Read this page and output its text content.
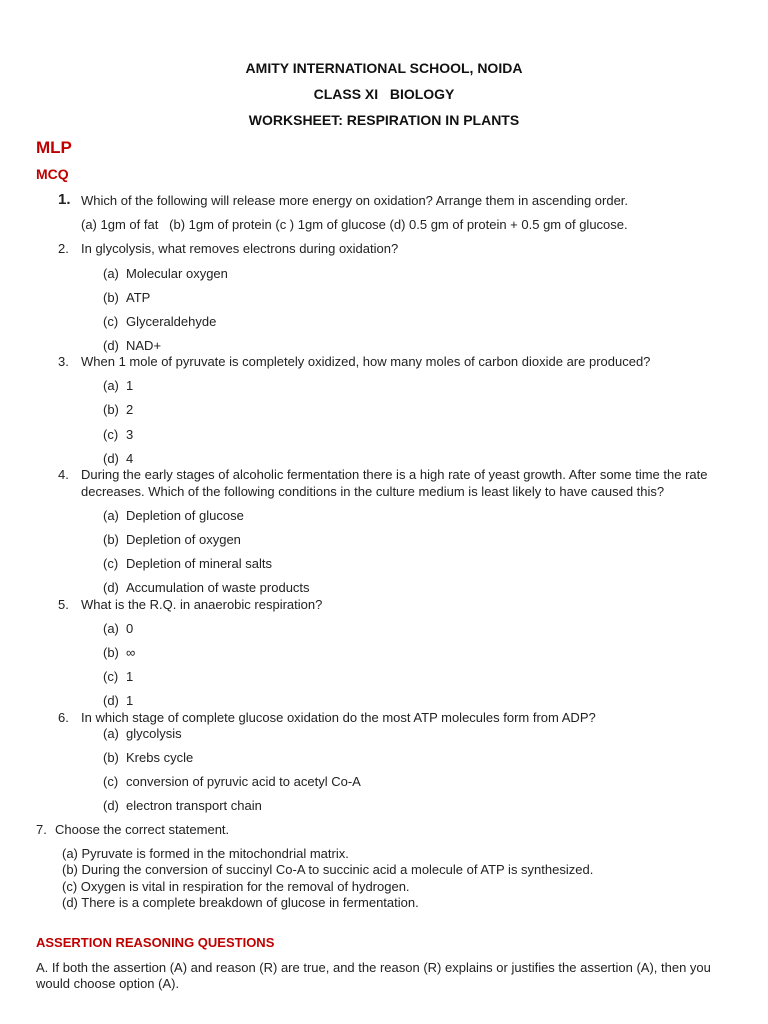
AMITY INTERNATIONAL SCHOOL, NOIDA
CLASS XI   BIOLOGY
WORKSHEET: RESPIRATION IN PLANTS
MLP
MCQ
1. Which of the following will release more energy on oxidation? Arrange them in ascending order.
(a) 1gm of fat   (b) 1gm of protein (c ) 1gm of glucose (d) 0.5 gm of protein + 0.5 gm of glucose.
2. In glycolysis, what removes electrons during oxidation?
(a) Molecular oxygen
(b) ATP
(c) Glyceraldehyde
(d) NAD+
3. When 1 mole of pyruvate is completely oxidized, how many moles of carbon dioxide are produced?
(a) 1
(b) 2
(c) 3
(d) 4
4. During the early stages of alcoholic fermentation there is a high rate of yeast growth. After some time the rate
decreases. Which of the following conditions in the culture medium is least likely to have caused this?
(a) Depletion of glucose
(b) Depletion of oxygen
(c) Depletion of mineral salts
(d) Accumulation of waste products
5. What is the R.Q. in anaerobic respiration?
(a) 0
(b) ∞
(c) 1
(d) 1
6. In which stage of complete glucose oxidation do the most ATP molecules form from ADP?
(a) glycolysis
(b) Krebs cycle
(c) conversion of pyruvic acid to acetyl Co-A
(d) electron transport chain
7. Choose the correct statement.
(a) Pyruvate is formed in the mitochondrial matrix.
(b) During the conversion of succinyl Co-A to succinic acid a molecule of ATP is synthesized.
(c) Oxygen is vital in respiration for the removal of hydrogen.
(d) There is a complete breakdown of glucose in fermentation.
ASSERTION REASONING QUESTIONS
A. If both the assertion (A) and reason (R) are true, and the reason (R) explains or justifies the assertion (A), then you
would choose option (A).
